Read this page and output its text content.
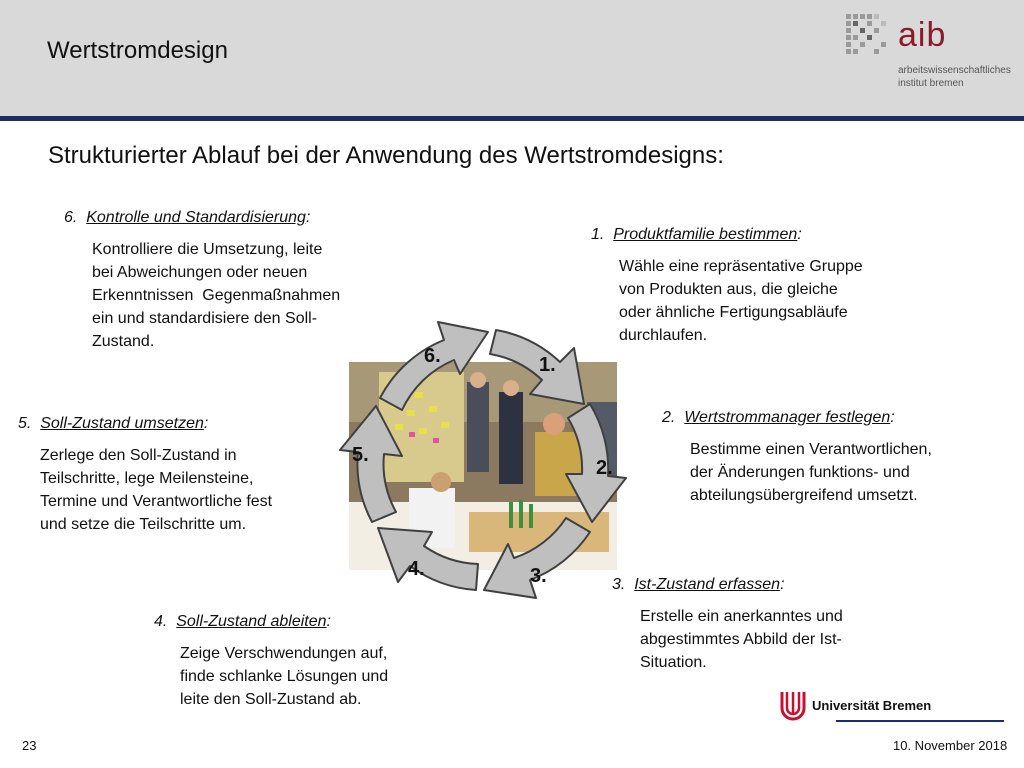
Wertstromdesign	aib
arbeitswissenschaftliches
institut bremen
Strukturierter Ablauf bei der Anwendung des Wertstromdesigns:
6. Kontrolle und Standardisierung:
Kontrolliere die Umsetzung, leite
bei Abweichungen oder neuen
Erkenntnissen  Gegenmaßnahmen
ein und standardisiere den Soll-
Zustand.
1. Produktfamilie bestimmen:
Wähle eine repräsentative Gruppe
von Produkten aus, die gleiche
oder ähnliche Fertigungsabläufe
durchlaufen.
5. Soll-Zustand umsetzen:
Zerlege den Soll-Zustand in
Teilschritte, lege Meilensteine,
Termine und Verantwortliche fest
und setze die Teilschritte um.
2. Wertstrommanager festlegen:
Bestimme einen Verantwortlichen,
der Änderungen funktions- und
abteilungsübergreifend umsetzt.
3. Ist-Zustand erfassen:
Erstelle ein anerkanntes und
abgestimmtes Abbild der Ist-
Situation.
4. Soll-Zustand ableiten:
Zeige Verschwendungen auf,
finde schlanke Lösungen und
leite den Soll-Zustand ab.
1.
2.
3.
4.
5.
6.
Universität Bremen
23	10. November 2018
